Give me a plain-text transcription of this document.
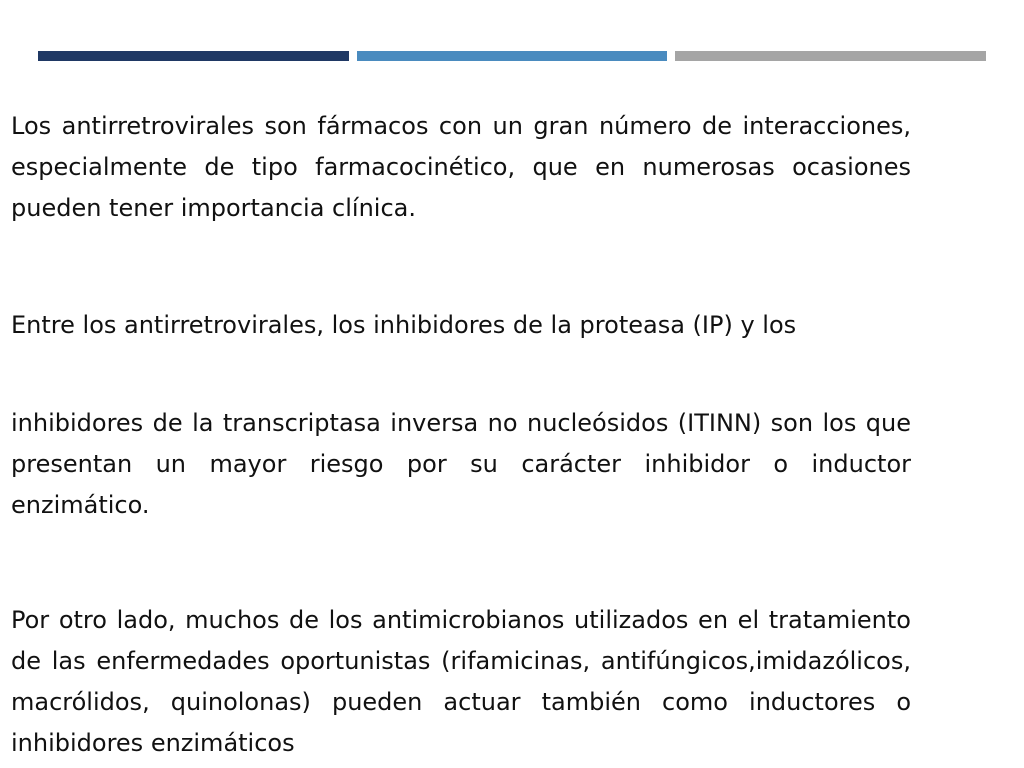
Los antirretrovirales son fármacos con un gran número de interacciones, especialmente de tipo farmacocinético, que en numerosas ocasiones pueden tener importancia clínica.

Entre los antirretrovirales, los inhibidores de la proteasa (IP) y los

inhibidores de la transcriptasa inversa no nucleósidos (ITINN) son los que presentan un mayor riesgo por su carácter inhibidor o inductor enzimático.

Por otro lado, muchos de los antimicrobianos utilizados en el tratamiento de las enfermedades oportunistas (rifamicinas, antifúngicos,imidazólicos, macrólidos, quinolonas) pueden actuar también como inductores o inhibidores enzimáticos
